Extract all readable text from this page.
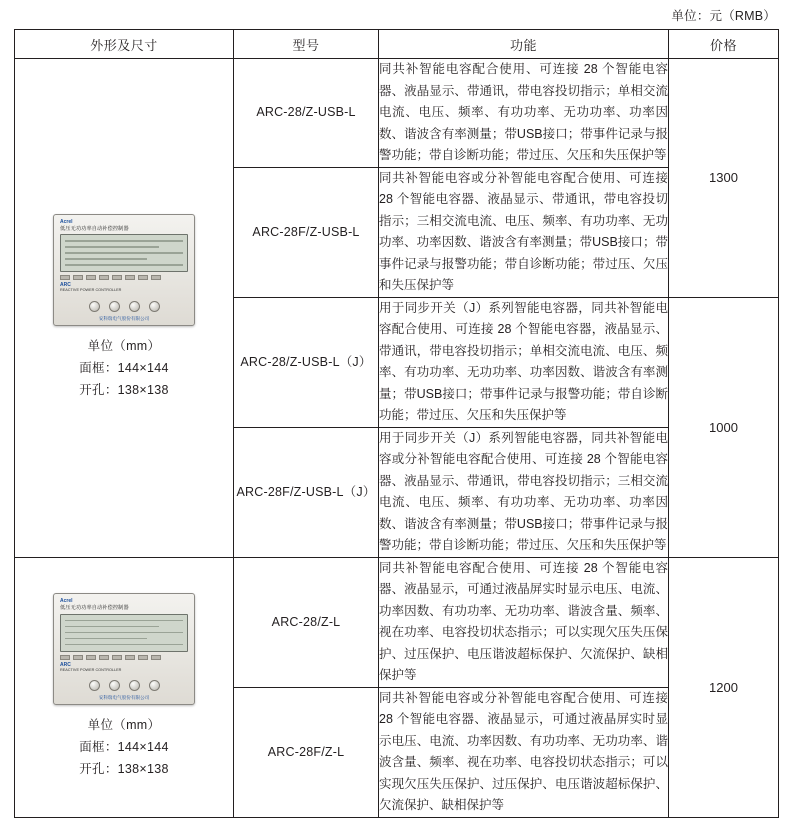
单位：元（RMB）
外形及尺寸	型号	功能	价格

Acrel
低压无功功率自动补偿控制器
ARC
REACTIVE POWER CONTROLLER
安科瑞电气股份有限公司
单位（mm）
面框：144×144
开孔：138×138
	ARC-28/Z-USB-L	同共补智能电容配合使用、可连接 28 个智能电容器、液晶显示、带通讯，带电容投切指示；单相交流电流、电压、频率、有功功率、无功功率、功率因数、谐波含有率测量；带USB接口；带事件记录与报警功能；带自诊断功能；带过压、欠压和失压保护等	1300
	ARC-28F/Z-USB-L	同共补智能电容或分补智能电容配合使用、可连接 28 个智能电容器、液晶显示、带通讯，带电容投切指示；三相交流电流、电压、频率、有功功率、无功功率、功率因数、谐波含有率测量；带USB接口；带事件记录与报警功能；带自诊断功能；带过压、欠压和失压保护等	
	ARC-28/Z-USB-L（J）	用于同步开关（J）系列智能电容器，同共补智能电容配合使用、可连接 28 个智能电容器，液晶显示、带通讯，带电容投切指示；单相交流电流、电压、频率、有功功率、无功功率、功率因数、谐波含有率测量；带USB接口；带事件记录与报警功能；带自诊断功能；带过压、欠压和失压保护等	1000
	ARC-28F/Z-USB-L（J）	用于同步开关（J）系列智能电容器，同共补智能电容或分补智能电容配合使用、可连接 28 个智能电容器、液晶显示、带通讯，带电容投切指示；三相交流电流、电压、频率、有功功率、无功功率、功率因数、谐波含有率测量；带USB接口；带事件记录与报警功能；带自诊断功能；带过压、欠压和失压保护等	

Acrel
低压无功功率自动补偿控制器
ARC
REACTIVE POWER CONTROLLER
安科瑞电气股份有限公司
单位（mm）
面框：144×144
开孔：138×138
	ARC-28/Z-L	同共补智能电容配合使用、可连接 28 个智能电容器、液晶显示，可通过液晶屏实时显示电压、电流、功率因数、有功功率、无功功率、谐波含量、频率、视在功率、电容投切状态指示；可以实现欠压失压保护、过压保护、电压谐波超标保护、欠流保护、缺相保护等	1200
	ARC-28F/Z-L	同共补智能电容或分补智能电容配合使用、可连接 28 个智能电容器、液晶显示，可通过液晶屏实时显示电压、电流、功率因数、有功功率、无功功率、谐波含量、频率、视在功率、电容投切状态指示；可以实现欠压失压保护、过压保护、电压谐波超标保护、欠流保护、缺相保护等	
